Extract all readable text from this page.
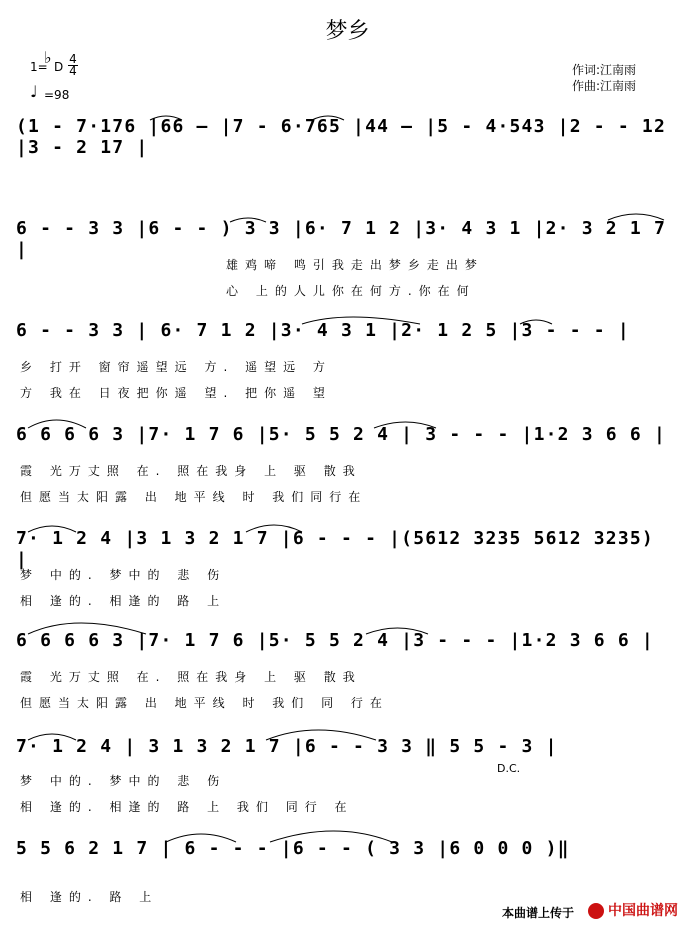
梦乡
1=
♭ D
4
4
♩ =98
作词:江南雨
作曲:江南雨
(1 - 7·176 |66 — |7 - 6·765 |44 — |5 - 4·543 |2 - - 12 |3 - 2 17 |
6 - - 3 3 |6 - - ) 3 3 |6· 7 1 2 |3· 4 3 1 |2· 3 2 1 7 |
6 - - 3 3 | 6· 7 1 2 |3· 4 3 1 |2· 1 2 5 |3 - - - |
6 6 6 6 3 |7· 1 7 6 |5· 5 5 2 4 | 3 - - - |1·2 3 6 6 |
7· 1 2 4 |3 1 3 2 1 7 |6 - - - |(5612 3235 5612 3235) |
6 6 6 6 3 |7· 1 7 6 |5· 5 5 2 4 |3 - - - |1·2 3 6 6 |
7· 1 2 4 | 3 1 3 2 1 7 |6 - - 3 3 ‖ 5 5 - 3 |
5 5 6 2 1 7 | 6 - - - |6 - - ( 3 3 |6 0 0 0 )‖
雄鸡啼 鸣引我走出梦乡走出梦
心 上的人儿你在何方.你在何
乡 打开 窗帘遥望远 方. 遥望远 方
方 我在 日夜把你遥 望. 把你遥 望
霞 光万丈照 在. 照在我身 上 驱 散我
但愿当太阳露 出 地平线 时 我们同行在
梦 中的. 梦中的 悲 伤
相 逢的. 相逢的 路 上
霞 光万丈照 在. 照在我身 上 驱 散我
但愿当太阳露 出 地平线 时 我们 同 行在
梦 中的. 梦中的 悲 伤
相 逢的. 相逢的 路 上 我们 同行 在
相 逢的. 路 上
D.C.
本曲谱上传于	中国曲谱网
